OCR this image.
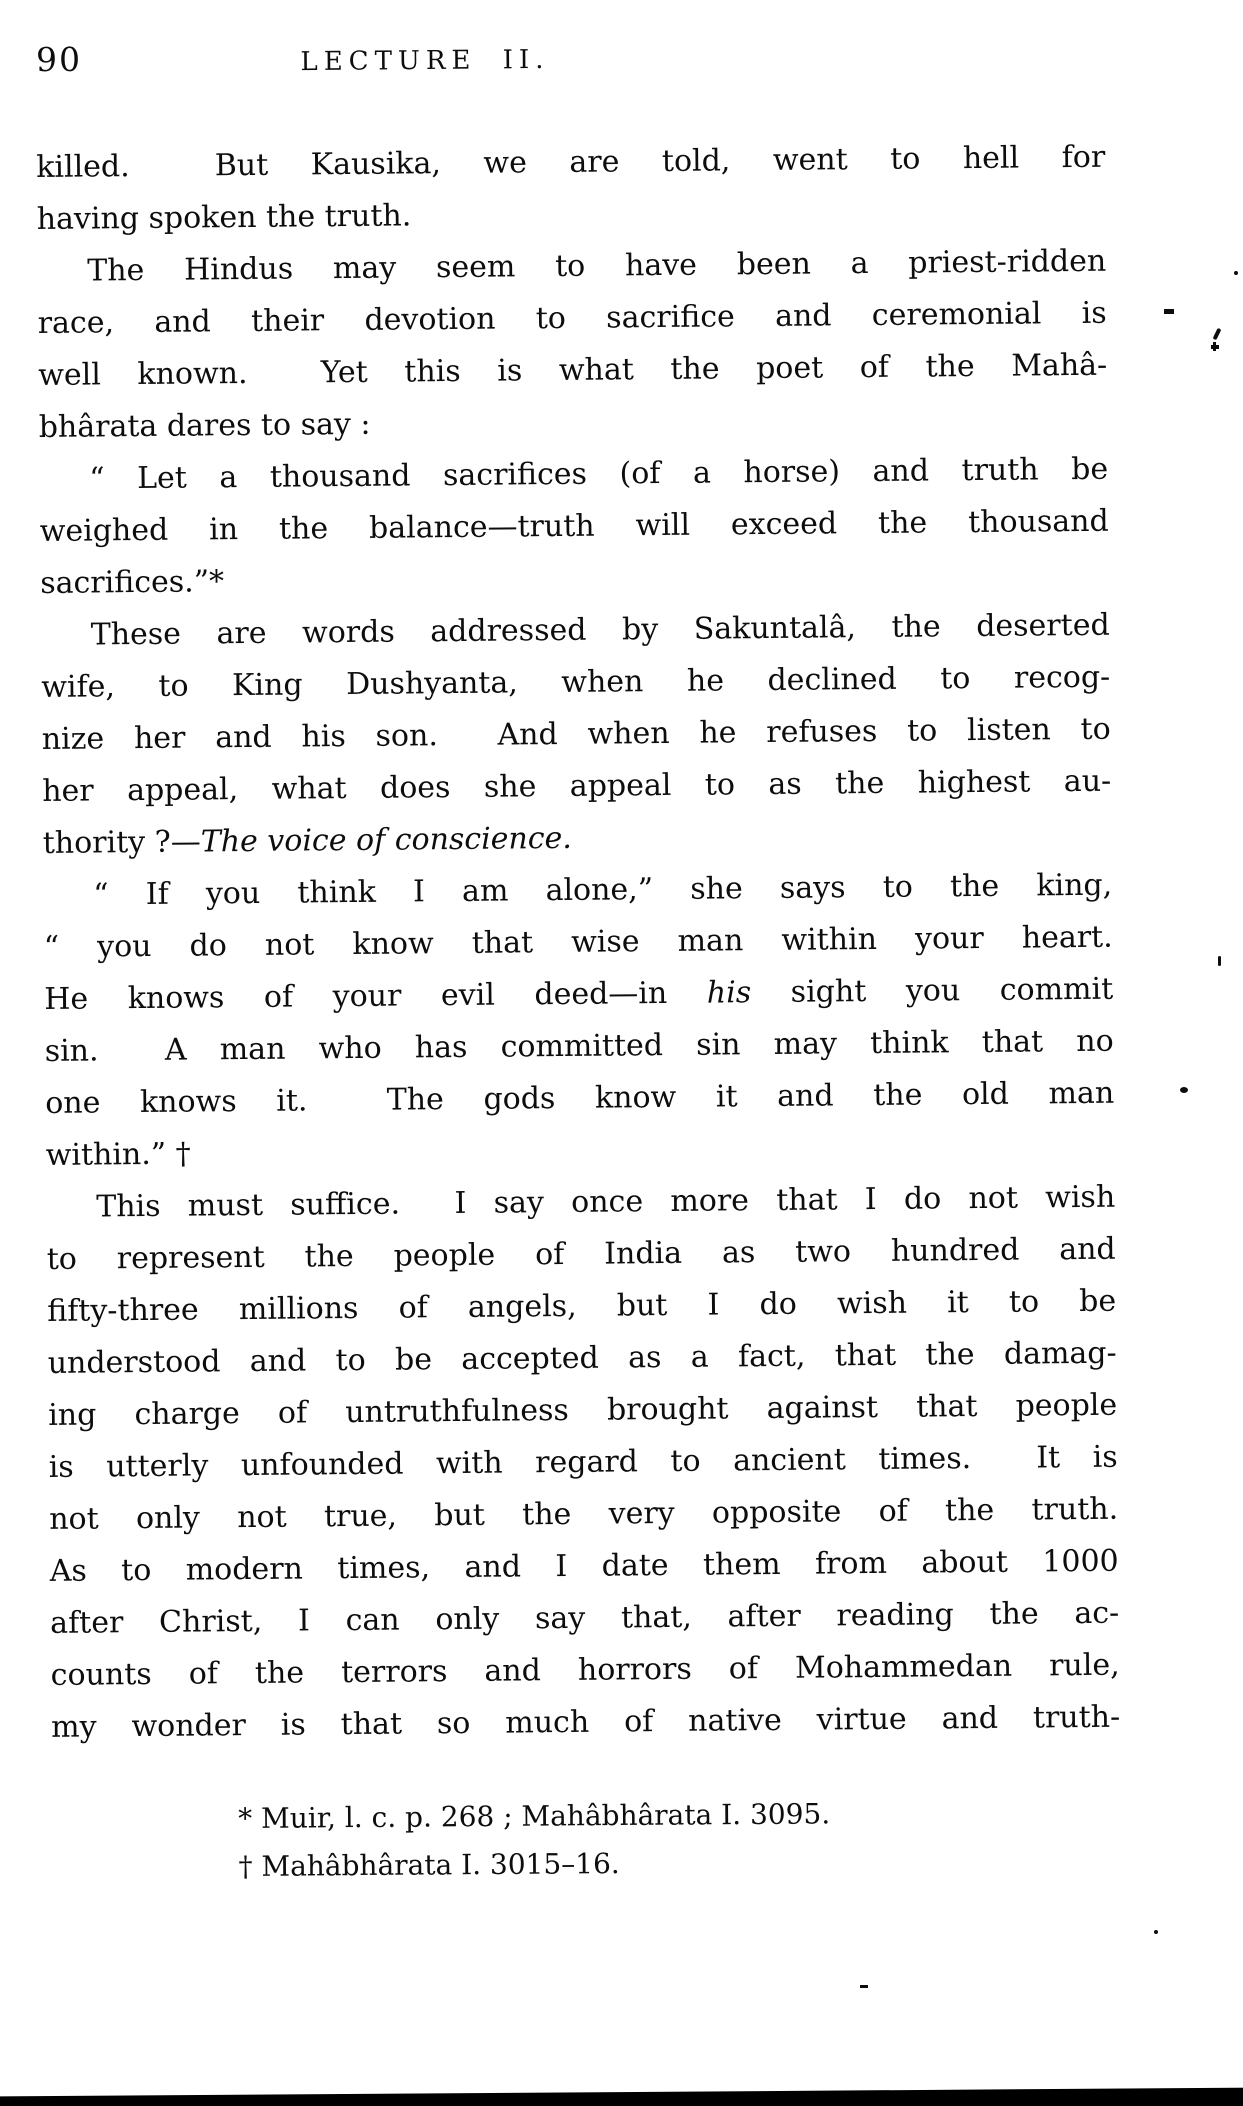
90	LECTURE II.
killed.  But Kausika, we are told, went to hell for
having spoken the truth.
The Hindus may seem to have been a priest-ridden
race, and their devotion to sacrifice and ceremonial is
well known.  Yet this is what the poet of the Mahâ-
bhârata dares to say :
“ Let a thousand sacrifices (of a horse) and truth be
weighed in the balance—truth will exceed the thousand
sacrifices.”*
These are words addressed by Sakuntalâ, the deserted
wife, to King Dushyanta, when he declined to recog-
nize her and his son.  And when he refuses to listen to
her appeal, what does she appeal to as the highest au-
thority ?—The voice of conscience.
“ If you think I am alone,” she says to the king,
“ you do not know that wise man within your heart.
He knows of your evil deed—in his sight you commit
sin.  A man who has committed sin may think that no
one knows it.  The gods know it and the old man
within.” †
This must suffice.  I say once more that I do not wish
to represent the people of India as two hundred and
fifty-three millions of angels, but I do wish it to be
understood and to be accepted as a fact, that the damag-
ing charge of untruthfulness brought against that people
is utterly unfounded with regard to ancient times.  It is
not only not true, but the very opposite of the truth.
As to modern times, and I date them from about 1000
after Christ, I can only say that, after reading the ac-
counts of the terrors and horrors of Mohammedan rule,
my wonder is that so much of native virtue and truth-
* Muir, l. c. p. 268 ; Mahâbhârata I. 3095.
† Mahâbhârata I. 3015–16.
